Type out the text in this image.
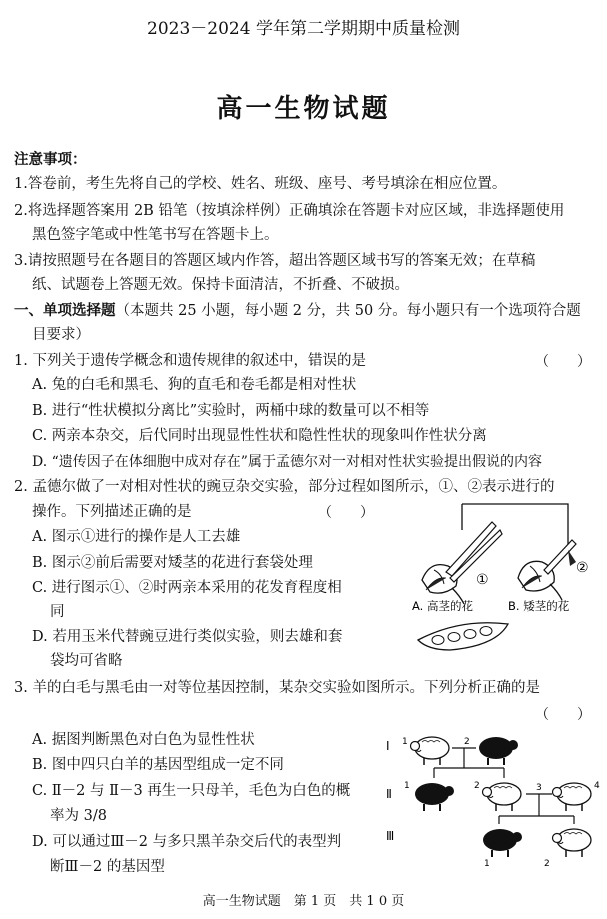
2023－2024 学年第二学期期中质量检测
高一生物试题
注意事项：
1.答卷前，考生先将自己的学校、姓名、班级、座号、考号填涂在相应位置。
2.将选择题答案用 2B 铅笔（按填涂样例）正确填涂在答题卡对应区域，非选择题使用
黑色签字笔或中性笔书写在答题卡上。
3.请按照题号在各题目的答题区域内作答，超出答题区域书写的答案无效；在草稿
纸、试题卷上答题无效。保持卡面清洁，不折叠、不破损。
一、单项选择题（本题共 25 小题，每小题 2 分，共 50 分。每小题只有一个选项符合题
目要求）
1. 下列关于遗传学概念和遗传规律的叙述中，错误的是	（　　）
A. 兔的白毛和黑毛、狗的直毛和卷毛都是相对性状
B. 进行“性状模拟分离比”实验时，两桶中球的数量可以不相等
C. 两亲本杂交，后代同时出现显性性状和隐性性状的现象叫作性状分离
D. “遗传因子在体细胞中成对存在”属于孟德尔对一对相对性状实验提出假说的内容
2. 孟德尔做了一对相对性状的豌豆杂交实验，部分过程如图所示，①、②表示进行的
操作。下列描述正确的是	（　　）
A. 图示①进行的操作是人工去雄
B. 图示②前后需要对矮茎的花进行套袋处理
C. 进行图示①、②时两亲本采用的花发育程度相
同
D. 若用玉米代替豌豆进行类似实验，则去雄和套
袋均可省略
①
②
A. 高茎的花	B. 矮茎的花
3. 羊的白毛与黑毛由一对等位基因控制，某杂交实验如图所示。下列分析正确的是
（　　）
A. 据图判断黑色对白色为显性性状
B. 图中四只白羊的基因型组成一定不同
C. Ⅱ－2 与 Ⅱ－3 再生一只母羊，毛色为白色的概
率为 3/8
D. 可以通过Ⅲ－2 与多只黑羊杂交后代的表型判
断Ⅲ－2 的基因型
Ⅰ
Ⅱ
Ⅲ
1	2
1	2	3	4
1	2
高一生物试题　第 1 页　共 1 0 页
